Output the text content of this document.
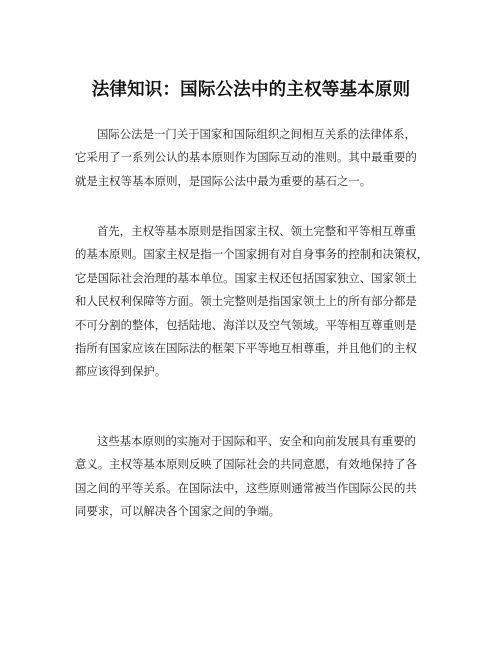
法律知识：国际公法中的主权等基本原则
国际公法是一门关于国家和国际组织之间相互关系的法律体系，
它采用了一系列公认的基本原则作为国际互动的准则。其中最重要的
就是主权等基本原则，是国际公法中最为重要的基石之一。
首先，主权等基本原则是指国家主权、领土完整和平等相互尊重
的基本原则。国家主权是指一个国家拥有对自身事务的控制和决策权，
它是国际社会治理的基本单位。国家主权还包括国家独立、国家领土
和人民权利保障等方面。领土完整则是指国家领土上的所有部分都是
不可分割的整体，包括陆地、海洋以及空气领域。平等相互尊重则是
指所有国家应该在国际法的框架下平等地互相尊重，并且他们的主权
都应该得到保护。
这些基本原则的实施对于国际和平、安全和向前发展具有重要的
意义。主权等基本原则反映了国际社会的共同意愿，有效地保持了各
国之间的平等关系。在国际法中，这些原则通常被当作国际公民的共
同要求，可以解决各个国家之间的争端。
